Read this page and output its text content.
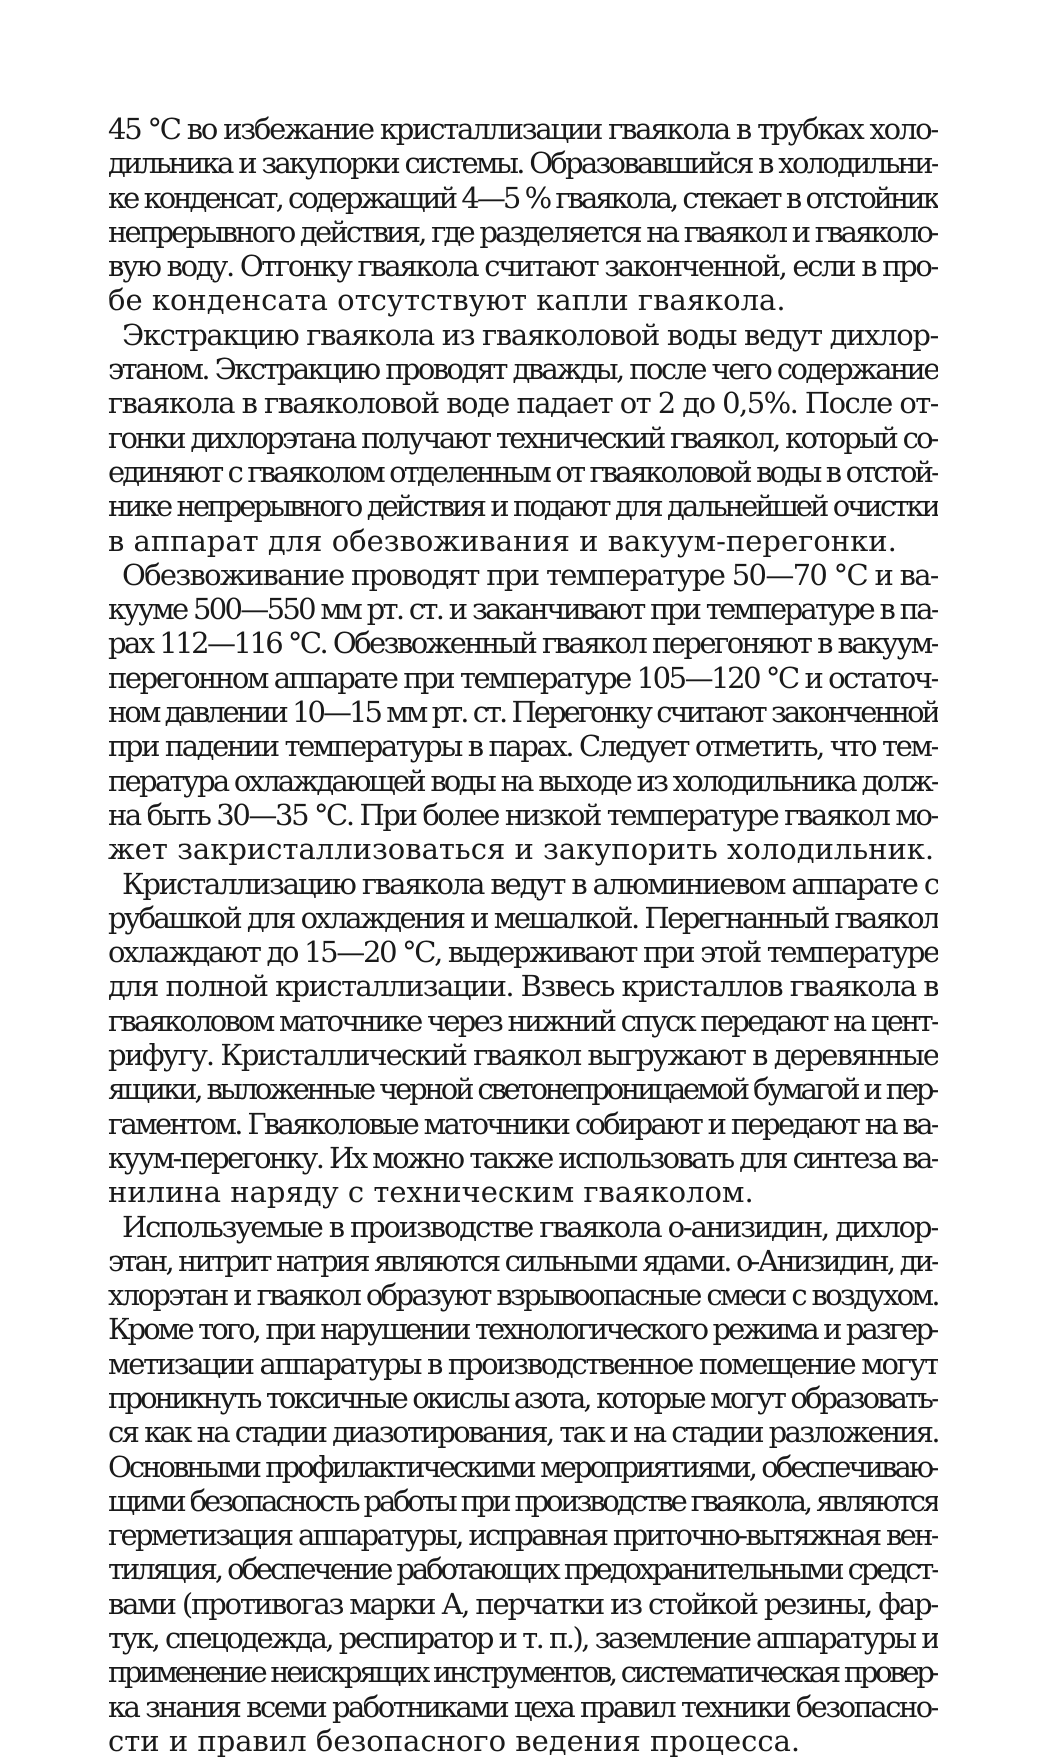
45 °C во избежание кристаллизации гваякола в трубках холо-
дильника и закупорки системы. Образовавшийся в холодильни-
ке конденсат, содержащий 4—5 % гваякола, стекает в отстойник
непрерывного действия, где разделяется на гваякол и гваяколо-
вую воду. Отгонку гваякола считают законченной, если в про-
бе конденсата отсутствуют капли гваякола.

Экстракцию гваякола из гваяколовой воды ведут дихлор-
этаном. Экстракцию проводят дважды, после чего содержание
гваякола в гваяколовой воде падает от 2 до 0,5%. После от-
гонки дихлорэтана получают технический гваякол, который со-
единяют с гваяколом отделенным от гваяколовой воды в отстой-
нике непрерывного действия и подают для дальнейшей очистки
в аппарат для обезвоживания и вакуум-перегонки.

Обезвоживание проводят при температуре 50—70 °С и ва-
кууме 500—550 мм рт. ст. и заканчивают при температуре в па-
рах 112—116 °С. Обезвоженный гваякол перегоняют в вакуум-
перегонном аппарате при температуре 105—120 °С и остаточ-
ном давлении 10—15 мм рт. ст. Перегонку считают законченной
при падении температуры в парах. Следует отметить, что тем-
пература охлаждающей воды на выходе из холодильника долж-
на быть 30—35 °С. При более низкой температуре гваякол мо-
жет закристаллизоваться и закупорить холодильник.

Кристаллизацию гваякола ведут в алюминиевом аппарате с
рубашкой для охлаждения и мешалкой. Перегнанный гваякол
охлаждают до 15—20 °С, выдерживают при этой температуре
для полной кристаллизации. Взвесь кристаллов гваякола в
гваяколовом маточнике через нижний спуск передают на цент-
рифугу. Кристаллический гваякол выгружают в деревянные
ящики, выложенные черной светонепроницаемой бумагой и пер-
гаментом. Гваяколовые маточники собирают и передают на ва-
куум-перегонку. Их можно также использовать для синтеза ва-
нилина наряду с техническим гваяколом.

Используемые в производстве гваякола о-анизидин, дихлор-
этан, нитрит натрия являются сильными ядами. о-Анизидин, ди-
хлорэтан и гваякол образуют взрывоопасные смеси с воздухом.
Кроме того, при нарушении технологического режима и разгер-
метизации аппаратуры в производственное помещение могут
проникнуть токсичные окислы азота, которые могут образовать-
ся как на стадии диазотирования, так и на стадии разложения.
Основными профилактическими мероприятиями, обеспечиваю-
щими безопасность работы при производстве гваякола, являются
герметизация аппаратуры, исправная приточно-вытяжная вен-
тиляция, обеспечение работающих предохранительными средст-
вами (противогаз марки А, перчатки из стойкой резины, фар-
тук, спецодежда, респиратор и т. п.), заземление аппаратуры и
применение неискрящих инструментов, систематическая провер-
ка знания всеми работниками цеха правил техники безопасно-
сти и правил безопасного ведения процесса.
